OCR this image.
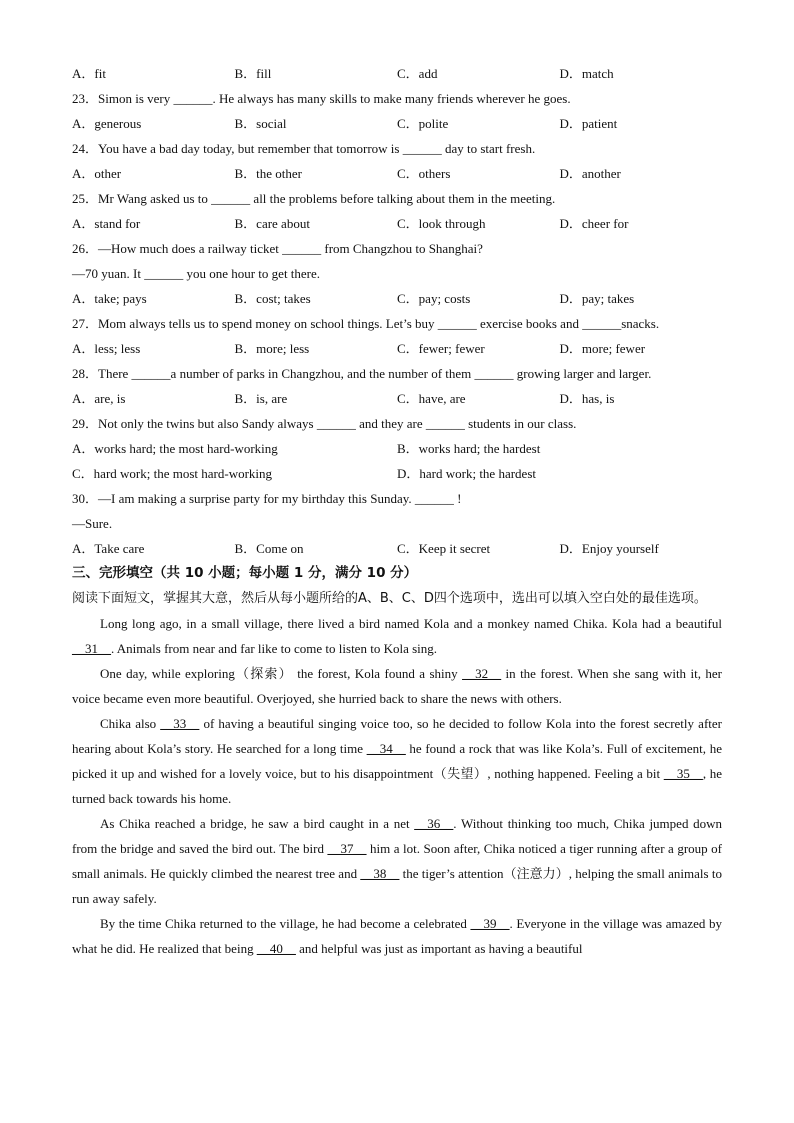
A．fit	B．fill	C．add	D．match
23．Simon is very ______. He always has many skills to make many friends wherever he goes.
A．generous	B．social	C．polite	D．patient
24．You have a bad day today, but remember that tomorrow is ______ day to start fresh.
A．other	B．the other	C．others	D．another
25．Mr Wang asked us to ______ all the problems before talking about them in the meeting.
A．stand for	B．care about	C．look through	D．cheer for
26．—How much does a railway ticket ______ from Changzhou to Shanghai?
—70 yuan. It ______ you one hour to get there.
A．take; pays	B．cost; takes	C．pay; costs	D．pay; takes
27．Mom always tells us to spend money on school things. Let’s buy ______ exercise books and ______snacks.
A．less; less	B．more; less	C．fewer; fewer	D．more; fewer
28．There ______a number of parks in Changzhou, and the number of them ______ growing larger and larger.
A．are, is	B．is, are	C．have, are	D．has, is
29．Not only the twins but also Sandy always ______ and they are ______ students in our class.
A．works hard; the most hard-working	B．works hard; the hardest
C．hard work; the most hard-working	D．hard work; the hardest
30．—I am making a surprise party for my birthday this Sunday. ______ !
—Sure.
A．Take care	B．Come on	C．Keep it secret	D．Enjoy yourself
三、完形填空（共 10 小题；每小题 1 分，满分 10 分）
阅读下面短文，掌握其大意，然后从每小题所给的A、B、C、D四个选项中，选出可以填入空白处的最佳选项。
Long long ago, in a small village, there lived a bird named Kola and a monkey named Chika. Kola had a beautiful __31__. Animals from near and far like to come to listen to Kola sing.
One day, while exploring（探索） the forest, Kola found a shiny __32__ in the forest. When she sang with it, her voice became even more beautiful. Overjoyed, she hurried back to share the news with others.
Chika also __33__ of having a beautiful singing voice too, so he decided to follow Kola into the forest secretly after hearing about Kola’s story. He searched for a long time __34__ he found a rock that was like Kola’s. Full of excitement, he picked it up and wished for a lovely voice, but to his disappointment（失望）, nothing happened. Feeling a bit __35__, he turned back towards his home.
As Chika reached a bridge, he saw a bird caught in a net __36__. Without thinking too much, Chika jumped down from the bridge and saved the bird out. The bird __37__ him a lot. Soon after, Chika noticed a tiger running after a group of small animals. He quickly climbed the nearest tree and __38__ the tiger’s attention（注意力）, helping the small animals to run away safely.
By the time Chika returned to the village, he had become a celebrated __39__. Everyone in the village was amazed by what he did. He realized that being __40__ and helpful was just as important as having a beautiful
